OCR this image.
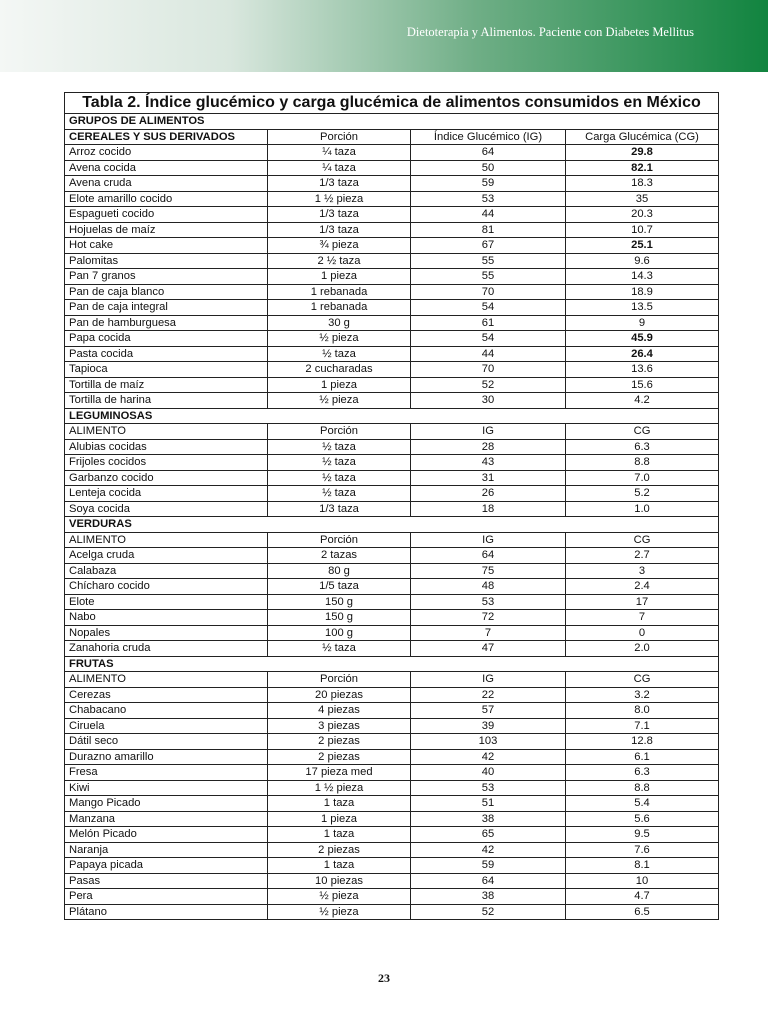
Dietoterapia y Alimentos. Paciente con Diabetes Mellitus
Tabla 2. Índice glucémico y carga glucémica de alimentos consumidos en México			
GRUPOS DE ALIMENTOS			
CEREALES Y SUS DERIVADOS	Porción	Índice Glucémico (IG)	Carga Glucémica (CG)
Arroz cocido	¼ taza	64	29.8
Avena cocida	¼ taza	50	82.1
Avena cruda	1/3 taza	59	18.3
Elote amarillo cocido	1 ½ pieza	53	35
Espagueti cocido	1/3 taza	44	20.3
Hojuelas de maíz	1/3 taza	81	10.7
Hot cake	¾ pieza	67	25.1
Palomitas	2 ½ taza	55	9.6
Pan 7 granos	1 pieza	55	14.3
Pan de caja blanco	1 rebanada	70	18.9
Pan de caja integral	1 rebanada	54	13.5
Pan de hamburguesa	30 g	61	9
Papa cocida	½ pieza	54	45.9
Pasta cocida	½ taza	44	26.4
Tapioca	2 cucharadas	70	13.6
Tortilla de maíz	1 pieza	52	15.6
Tortilla de harina	½ pieza	30	4.2
LEGUMINOSAS			
ALIMENTO	Porción	IG	CG
Alubias cocidas	½ taza	28	6.3
Frijoles cocidos	½ taza	43	8.8
Garbanzo cocido	½ taza	31	7.0
Lenteja cocida	½ taza	26	5.2
Soya cocida	1/3 taza	18	1.0
VERDURAS			
ALIMENTO	Porción	IG	CG
Acelga cruda	2 tazas	64	2.7
Calabaza	80 g	75	3
Chícharo cocido	1/5 taza	48	2.4
Elote	150 g	53	17
Nabo	150 g	72	7
Nopales	100 g	7	0
Zanahoria cruda	½ taza	47	2.0
FRUTAS			
ALIMENTO	Porción	IG	CG
Cerezas	20 piezas	22	3.2
Chabacano	4 piezas	57	8.0
Ciruela	3 piezas	39	7.1
Dátil seco	2 piezas	103	12.8
Durazno amarillo	2 piezas	42	6.1
Fresa	17 pieza med	40	6.3
Kiwi	1 ½ pieza	53	8.8
Mango Picado	1 taza	51	5.4
Manzana	1 pieza	38	5.6
Melón Picado	1 taza	65	9.5
Naranja	2 piezas	42	7.6
Papaya picada	1 taza	59	8.1
Pasas	10 piezas	64	10
Pera	½ pieza	38	4.7
Plátano	½ pieza	52	6.5
23
